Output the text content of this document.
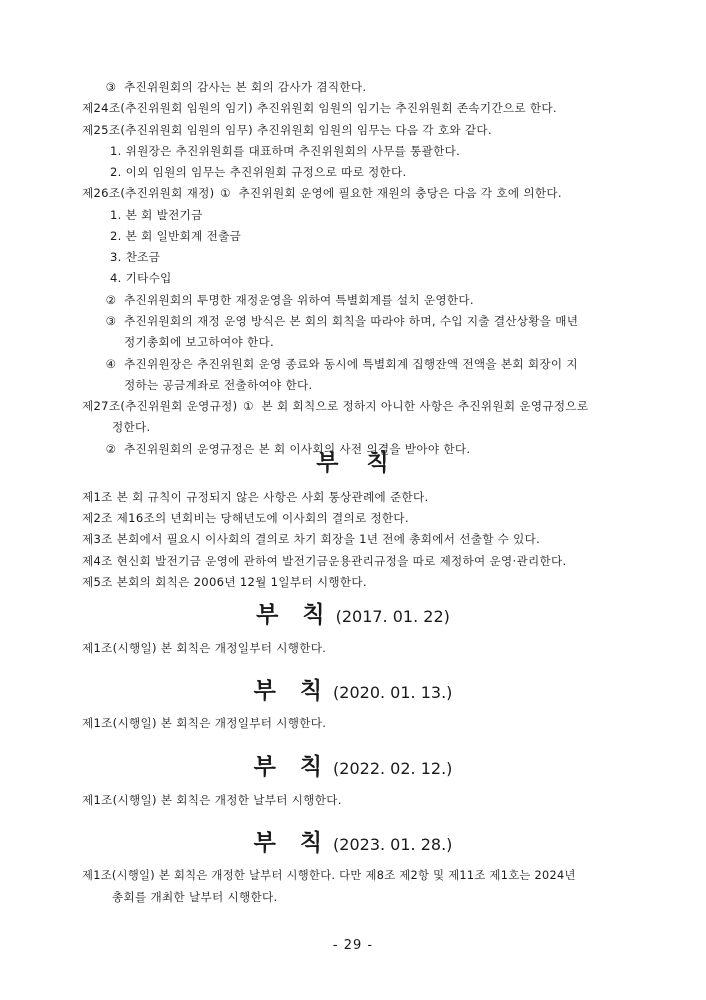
③ 추진위원회의 감사는 본 회의 감사가 겸직한다.
제24조(추진위원회 임원의 임기) 추진위원회 임원의 임기는 추진위원회 존속기간으로 한다.
제25조(추진위원회 임원의 임무) 추진위원회 임원의 임무는 다음 각 호와 같다.
1. 위원장은 추진위원회를 대표하며 추진위원회의 사무를 통괄한다.
2. 이외 임원의 임무는 추진위원회 규정으로 따로 정한다.
제26조(추진위원회 재정) ① 추진위원회 운영에 필요한 재원의 충당은 다음 각 호에 의한다.
1. 본 회 발전기금
2. 본 회 일반회계 전출금
3. 찬조금
4. 기타수입
② 추진위원회의 투명한 재정운영을 위하여 특별회계를 설치 운영한다.
③ 추진위원회의 재정 운영 방식은 본 회의 회칙을 따라야 하며, 수입 지출 결산상황을 매년
정기총회에 보고하여야 한다.
④ 추진위원장은 추진위원회 운영 종료와 동시에 특별회계 집행잔액 전액을 본회 회장이 지
정하는 공금계좌로 전출하여야 한다.
제27조(추진위원회 운영규정) ① 본 회 회칙으로 정하지 아니한 사항은 추진위원회 운영규정으로
정한다.
② 추진위원회의 운영규정은 본 회 이사회의 사전 의결을 받아야 한다.
부 칙
제1조 본 회 규칙이 규정되지 않은 사항은 사회 통상관례에 준한다.
제2조 제16조의 년회비는 당해년도에 이사회의 결의로 정한다.
제3조 본회에서 필요시 이사회의 결의로 차기 회장을 1년 전에 총회에서 선출할 수 있다.
제4조 현신회 발전기금 운영에 관하여 발전기금운용관리규정을 따로 제정하여 운영·관리한다.
제5조 본회의 회칙은 2006년 12월 1일부터 시행한다.
부 칙 (2017. 01. 22)
제1조(시행일) 본 회칙은 개정일부터 시행한다.
부 칙 (2020. 01. 13.)
제1조(시행일) 본 회칙은 개정일부터 시행한다.
부 칙 (2022. 02. 12.)
제1조(시행일) 본 회칙은 개정한 날부터 시행한다.
부 칙 (2023. 01. 28.)
제1조(시행일) 본 회칙은 개정한 날부터 시행한다. 다만 제8조 제2항 및 제11조 제1호는 2024년
총회를 개최한 날부터 시행한다.
- 29 -
